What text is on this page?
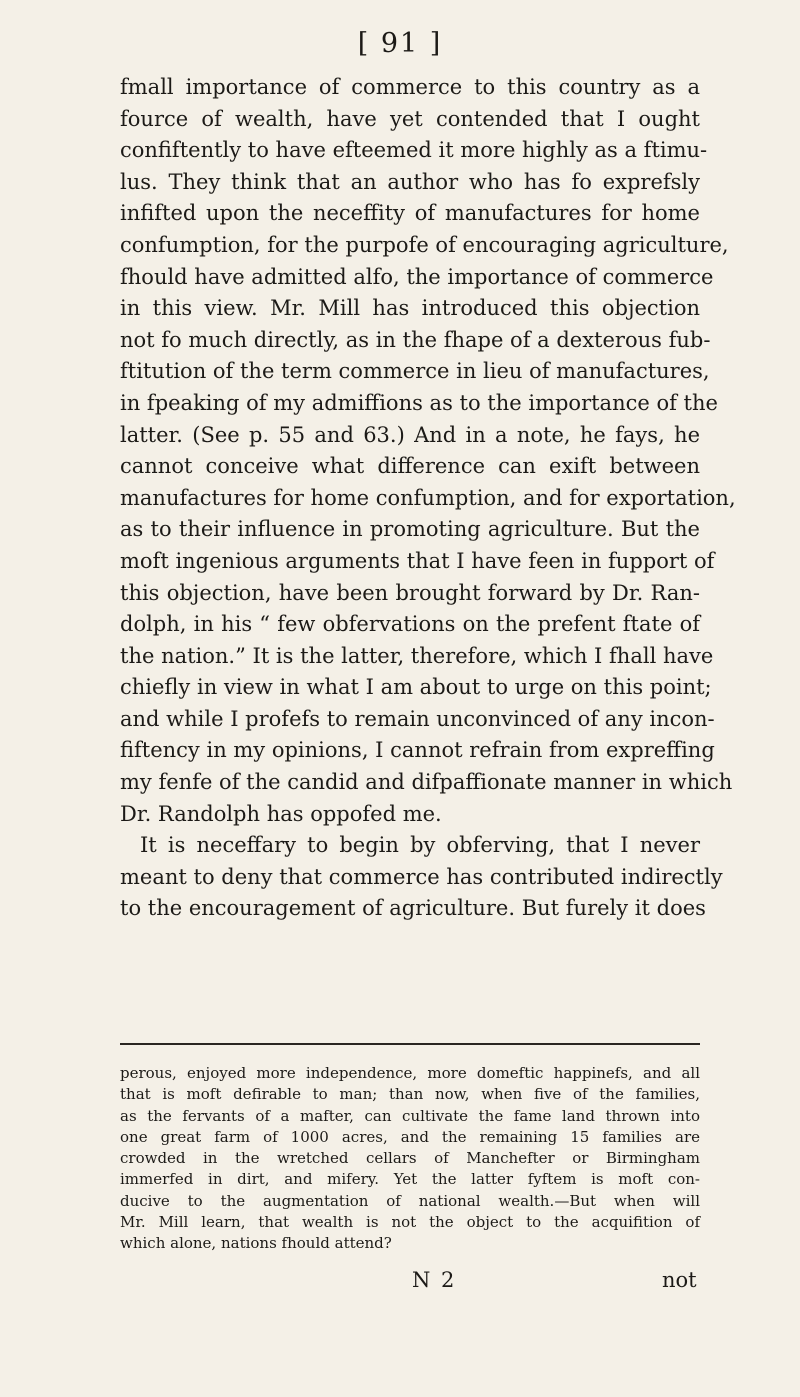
[ 91 ]
fmall importance of commerce to this country as a
fource of wealth, have yet contended that I ought
confiftently to have efteemed it more highly as a ftimu-
lus. They think that an author who has fo exprefsly
infifted upon the neceffity of manufactures for home
confumption, for the purpofe of encouraging agriculture,
fhould have admitted alfo, the importance of commerce
in this view. Mr. Mill has introduced this objection
not fo much directly, as in the fhape of a dexterous fub-
ftitution of the term commerce in lieu of manufactures,
in fpeaking of my admiffions as to the importance of the
latter. (See p. 55 and 63.) And in a note, he fays, he
cannot conceive what difference can exift between
manufactures for home confumption, and for exportation,
as to their influence in promoting agriculture. But the
moft ingenious arguments that I have feen in fupport of
this objection, have been brought forward by Dr. Ran-
dolph, in his “ few obfervations on the prefent ftate of
the nation.” It is the latter, therefore, which I fhall have
chiefly in view in what I am about to urge on this point;
and while I profefs to remain unconvinced of any incon-
fiftency in my opinions, I cannot refrain from expreffing
my fenfe of the candid and difpaffionate manner in which
Dr. Randolph has oppofed me.
It is neceffary to begin by obferving, that I never
meant to deny that commerce has contributed indirectly
to the encouragement of agriculture. But furely it does
perous, enjoyed more independence, more domeftic happinefs, and all
that is moft defirable to man; than now, when five of the families,
as the fervants of a mafter, can cultivate the fame land thrown into
one great farm of 1000 acres, and the remaining 15 families are
crowded in the wretched cellars of Manchefter or Birmingham
immerfed in dirt, and mifery. Yet the latter fyftem is moft con-
ducive to the augmentation of national wealth.—But when will
Mr. Mill learn, that wealth is not the object to the acquifition of
which alone, nations fhould attend?
N 2	not
